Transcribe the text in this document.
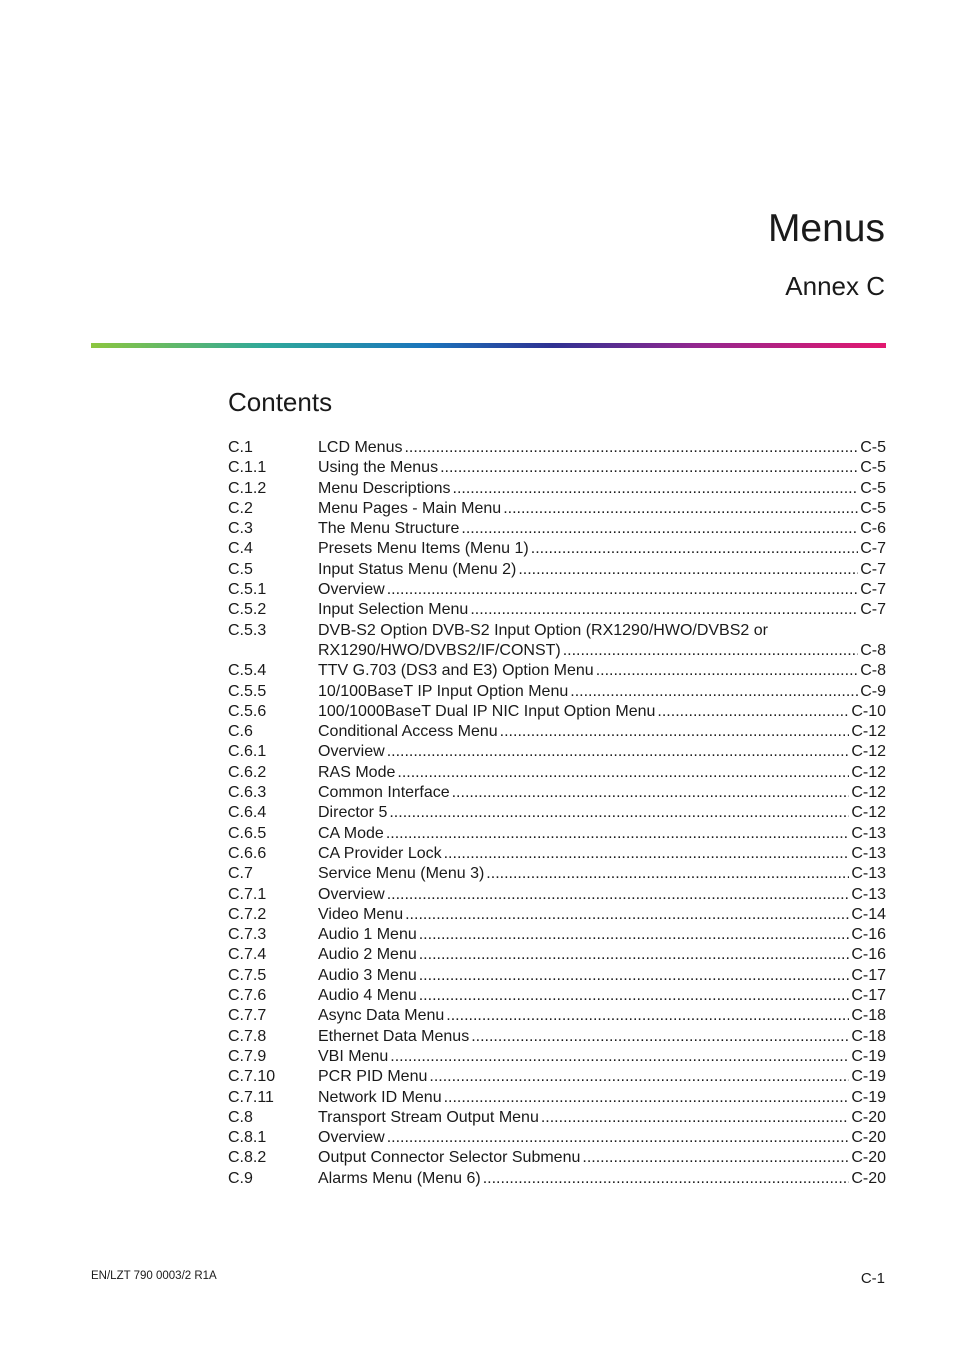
Menus
Annex C
Contents
C.1	LCD Menus .....	C-5
C.1.1	Using the Menus .....	C-5
C.1.2	Menu Descriptions .....	C-5
C.2	Menu Pages - Main Menu .....	C-5
C.3	The Menu Structure .....	C-6
C.4	Presets Menu Items (Menu 1) .....	C-7
C.5	Input Status Menu (Menu 2) .....	C-7
C.5.1	Overview .....	C-7
C.5.2	Input Selection Menu .....	C-7
C.5.3	DVB-S2 Option DVB-S2 Input Option (RX1290/HWO/DVBS2 or
RX1290/HWO/DVBS2/IF/CONST) .....	C-8
C.5.4	TTV G.703 (DS3 and E3) Option Menu .....	C-8
C.5.5	10/100BaseT IP Input Option Menu .....	C-9
C.5.6	100/1000BaseT Dual IP NIC Input Option Menu .....	C-10
C.6	Conditional Access Menu .....	C-12
C.6.1	Overview .....	C-12
C.6.2	RAS Mode .....	C-12
C.6.3	Common Interface .....	C-12
C.6.4	Director 5 .....	C-12
C.6.5	CA Mode .....	C-13
C.6.6	CA Provider Lock .....	C-13
C.7	Service Menu (Menu 3) .....	C-13
C.7.1	Overview .....	C-13
C.7.2	Video Menu .....	C-14
C.7.3	Audio 1 Menu .....	C-16
C.7.4	Audio 2 Menu .....	C-16
C.7.5	Audio 3 Menu .....	C-17
C.7.6	Audio 4 Menu .....	C-17
C.7.7	Async Data Menu .....	C-18
C.7.8	Ethernet Data Menus .....	C-18
C.7.9	VBI Menu .....	C-19
C.7.10	PCR PID Menu .....	C-19
C.7.11	Network ID Menu .....	C-19
C.8	Transport Stream Output Menu .....	C-20
C.8.1	Overview .....	C-20
C.8.2	Output Connector Selector Submenu .....	C-20
C.9	Alarms Menu (Menu 6) .....	C-20
EN/LZT 790 0003/2 R1A	C-1
